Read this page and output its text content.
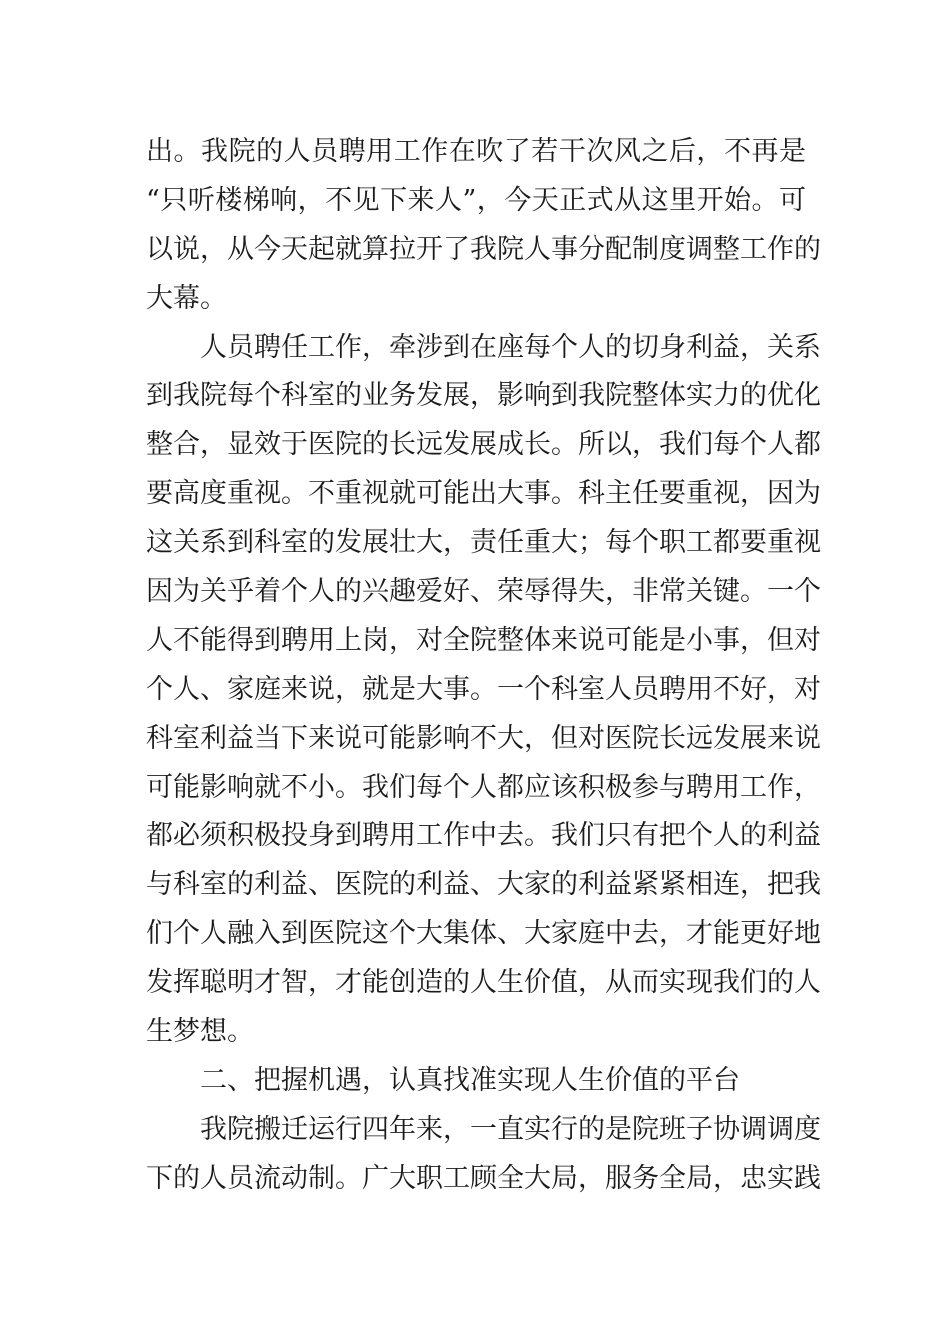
出。我院的人员聘用工作在吹了若干次风之后，不再是
“只听楼梯响，不见下来人”，今天正式从这里开始。可
以说，从今天起就算拉开了我院人事分配制度调整工作的
大幕。
人员聘任工作，牵涉到在座每个人的切身利益，关系
到我院每个科室的业务发展，影响到我院整体实力的优化
整合，显效于医院的长远发展成长。所以，我们每个人都
要高度重视。不重视就可能出大事。科主任要重视，因为
这关系到科室的发展壮大，责任重大；每个职工都要重视
因为关乎着个人的兴趣爱好、荣辱得失，非常关键。一个
人不能得到聘用上岗，对全院整体来说可能是小事，但对
个人、家庭来说，就是大事。一个科室人员聘用不好，对
科室利益当下来说可能影响不大，但对医院长远发展来说
可能影响就不小。我们每个人都应该积极参与聘用工作，
都必须积极投身到聘用工作中去。我们只有把个人的利益
与科室的利益、医院的利益、大家的利益紧紧相连，把我
们个人融入到医院这个大集体、大家庭中去，才能更好地
发挥聪明才智，才能创造的人生价值，从而实现我们的人
生梦想。
二、把握机遇，认真找准实现人生价值的平台
我院搬迁运行四年来，一直实行的是院班子协调调度
下的人员流动制。广大职工顾全大局，服务全局，忠实践
